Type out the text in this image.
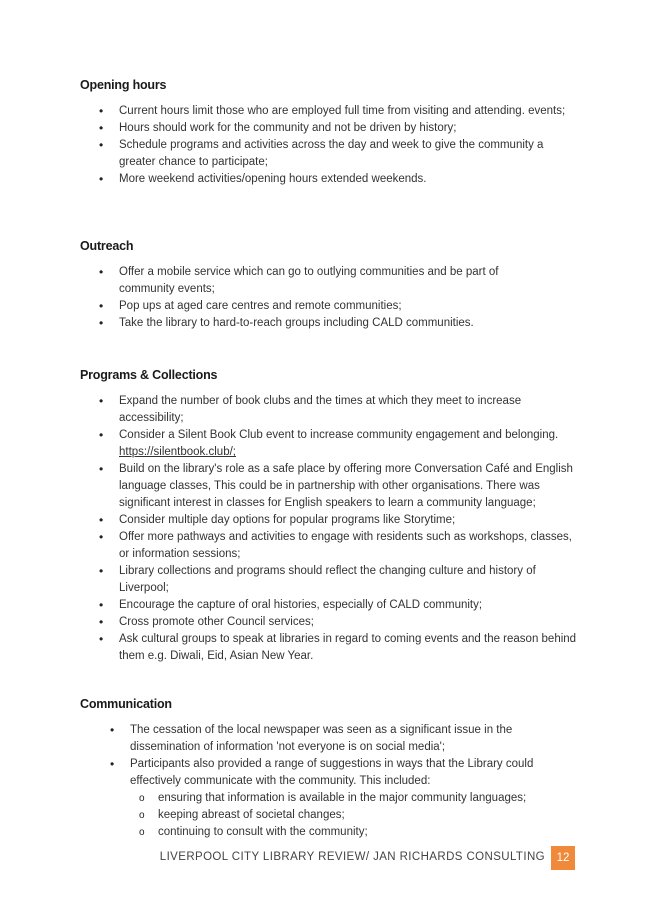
Opening hours
• Current hours limit those who are employed full time from visiting and attending. events;
• Hours should work for the community and not be driven by history;
• Schedule programs and activities across the day and week to give the community a greater chance to participate;
• More weekend activities/opening hours extended weekends.
Outreach
• Offer a mobile service which can go to outlying communities and be part of community events;
• Pop ups at aged care centres and remote communities;
• Take the library to hard-to-reach groups including CALD communities.
Programs & Collections
• Expand the number of book clubs and the times at which they meet to increase accessibility;
• Consider a Silent Book Club event to increase community engagement and belonging.
https://silentbook.club/;
• Build on the library's role as a safe place by offering more Conversation Café and English language classes, This could be in partnership with other organisations. There was significant interest in classes for English speakers to learn a community language;
• Consider multiple day options for popular programs like Storytime;
• Offer more pathways and activities to engage with residents such as workshops, classes, or information sessions;
• Library collections and programs should reflect the changing culture and history of Liverpool;
• Encourage the capture of oral histories, especially of CALD community;
• Cross promote other Council services;
• Ask cultural groups to speak at libraries in regard to coming events and the reason behind them e.g. Diwali, Eid, Asian New Year.
Communication
• The cessation of the local newspaper was seen as a significant issue in the dissemination of information 'not everyone is on social media';
• Participants also provided a range of suggestions in ways that the Library could effectively communicate with the community. This included:
o ensuring that information is available in the major community languages;
o keeping abreast of societal changes;
o continuing to consult with the community;
LIVERPOOL CITY LIBRARY REVIEW/ JAN RICHARDS CONSULTING	12
